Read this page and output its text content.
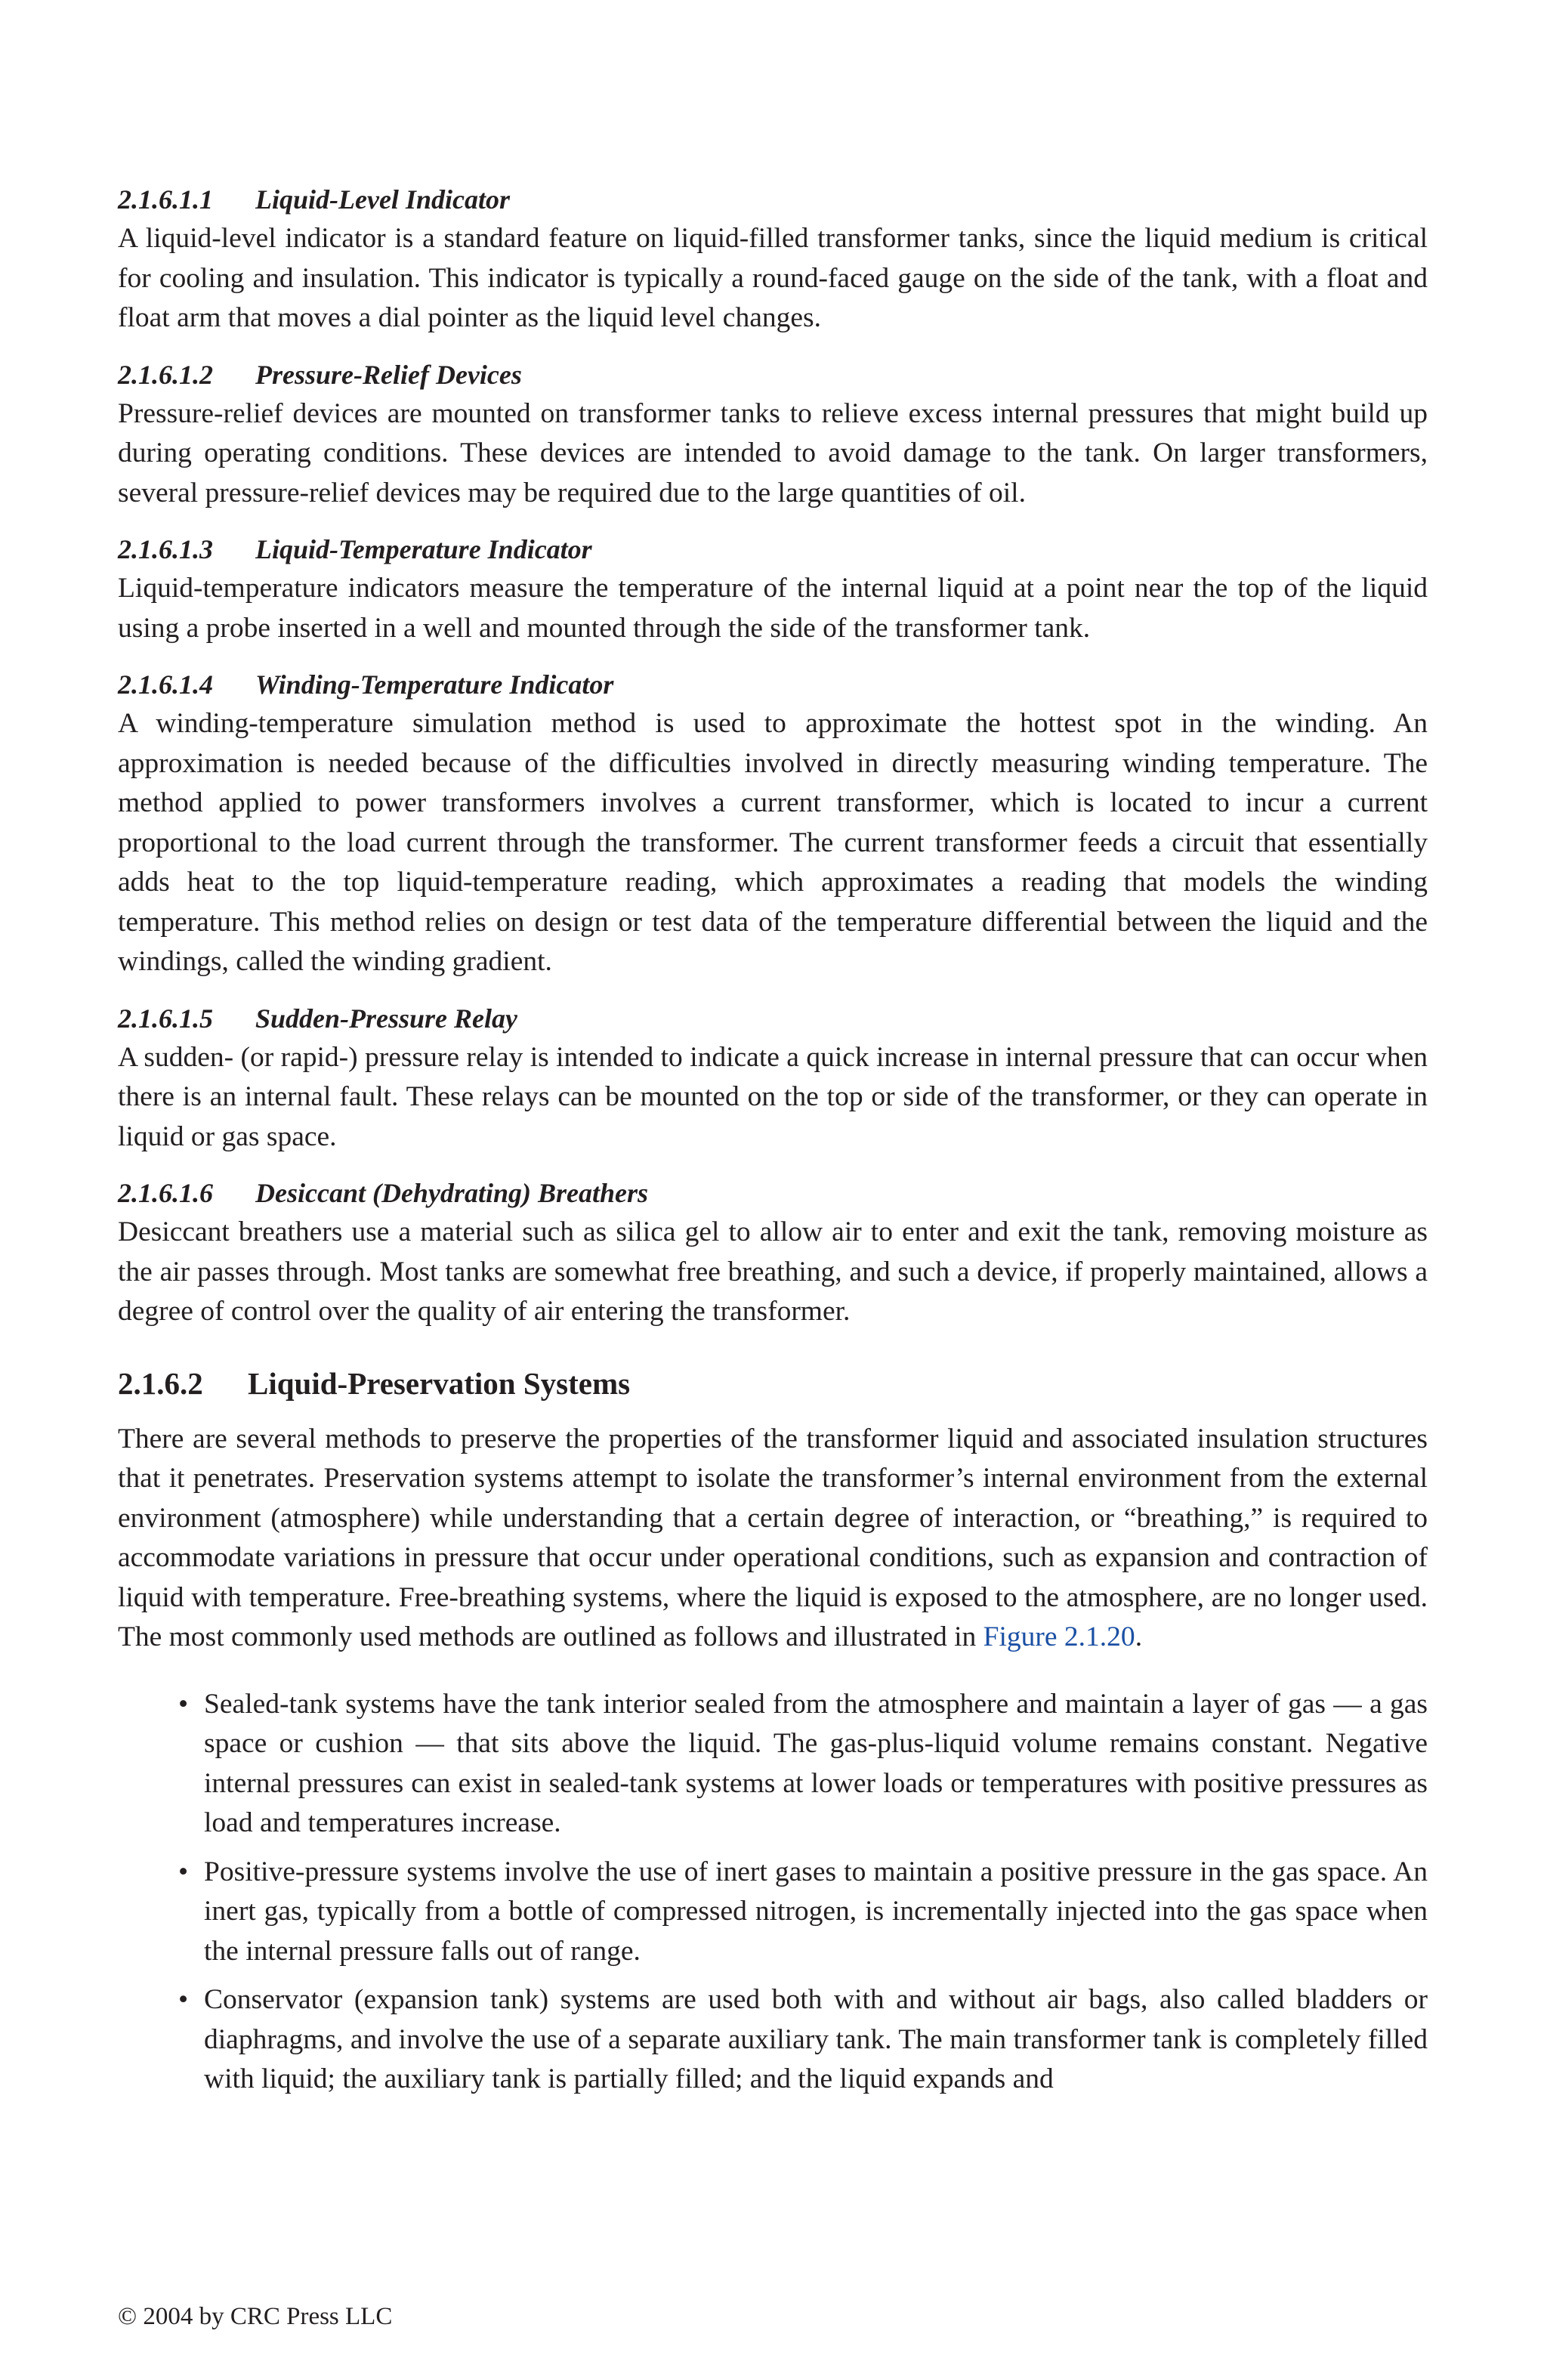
2.1.6.1.1 Liquid-Level Indicator

A liquid-level indicator is a standard feature on liquid-filled transformer tanks, since the liquid medium is critical for cooling and insulation. This indicator is typically a round-faced gauge on the side of the tank, with a float and float arm that moves a dial pointer as the liquid level changes.

2.1.6.1.2 Pressure-Relief Devices

Pressure-relief devices are mounted on transformer tanks to relieve excess internal pressures that might build up during operating conditions. These devices are intended to avoid damage to the tank. On larger transformers, several pressure-relief devices may be required due to the large quantities of oil.

2.1.6.1.3 Liquid-Temperature Indicator

Liquid-temperature indicators measure the temperature of the internal liquid at a point near the top of the liquid using a probe inserted in a well and mounted through the side of the transformer tank.

2.1.6.1.4 Winding-Temperature Indicator

A winding-temperature simulation method is used to approximate the hottest spot in the winding. An approximation is needed because of the difficulties involved in directly measuring winding temperature. The method applied to power transformers involves a current transformer, which is located to incur a current proportional to the load current through the transformer. The current transformer feeds a circuit that essentially adds heat to the top liquid-temperature reading, which approximates a reading that models the winding temperature. This method relies on design or test data of the temperature differential between the liquid and the windings, called the winding gradient.

2.1.6.1.5 Sudden-Pressure Relay

A sudden- (or rapid-) pressure relay is intended to indicate a quick increase in internal pressure that can occur when there is an internal fault. These relays can be mounted on the top or side of the transformer, or they can operate in liquid or gas space.

2.1.6.1.6 Desiccant (Dehydrating) Breathers

Desiccant breathers use a material such as silica gel to allow air to enter and exit the tank, removing moisture as the air passes through. Most tanks are somewhat free breathing, and such a device, if properly maintained, allows a degree of control over the quality of air entering the transformer.

2.1.6.2 Liquid-Preservation Systems

There are several methods to preserve the properties of the transformer liquid and associated insulation structures that it penetrates. Preservation systems attempt to isolate the transformer’s internal environment from the external environment (atmosphere) while understanding that a certain degree of interaction, or “breathing,” is required to accommodate variations in pressure that occur under operational conditions, such as expansion and contraction of liquid with temperature. Free-breathing systems, where the liquid is exposed to the atmosphere, are no longer used. The most commonly used methods are outlined as follows and illustrated in Figure 2.1.20.

• Sealed-tank systems have the tank interior sealed from the atmosphere and maintain a layer of gas — a gas space or cushion — that sits above the liquid. The gas-plus-liquid volume remains constant. Negative internal pressures can exist in sealed-tank systems at lower loads or temperatures with positive pressures as load and temperatures increase.
• Positive-pressure systems involve the use of inert gases to maintain a positive pressure in the gas space. An inert gas, typically from a bottle of compressed nitrogen, is incrementally injected into the gas space when the internal pressure falls out of range.
• Conservator (expansion tank) systems are used both with and without air bags, also called bladders or diaphragms, and involve the use of a separate auxiliary tank. The main transformer tank is completely filled with liquid; the auxiliary tank is partially filled; and the liquid expands and
© 2004 by CRC Press LLC
